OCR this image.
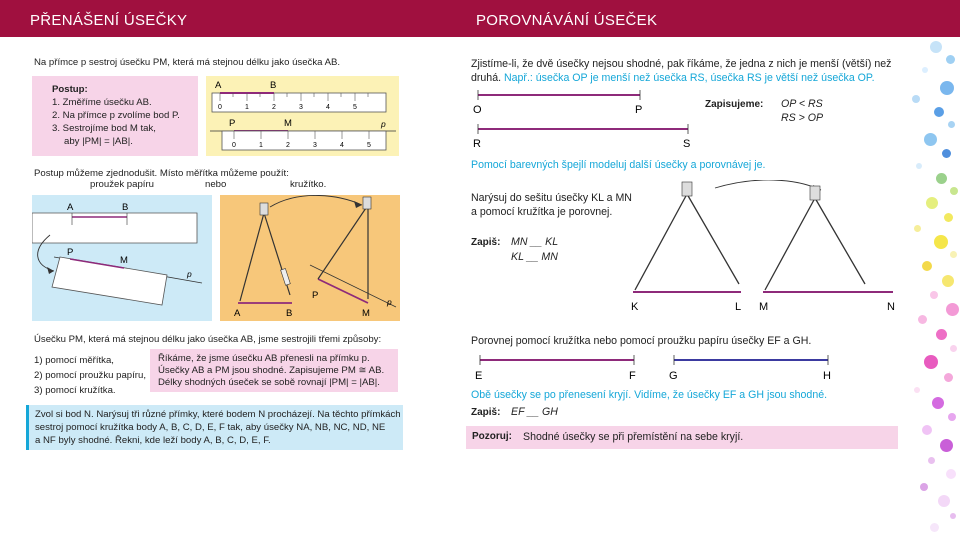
PŘENÁŠENÍ ÚSEČKY	POROVNÁVÁNÍ ÚSEČEK
Na přímce p sestroj úsečku PM, která má stejnou délku jako úsečka AB.
Postup:
1. Změříme úsečku AB.
2. Na přímce p zvolíme bod P.
3. Sestrojíme bod M tak,
aby |PM| = |AB|.
A	B
0	1	2	3	4	5
P	M	p
0	1	2	3	4	5
Postup můžeme zjednodušit. Místo měřítka můžeme použít:
proužek papíru	nebo	kružítko.
A	B
P
M
p
A	B
P
M
p
Úsečku PM, která má stejnou délku jako úsečka AB, jsme sestrojili třemi způsoby:
1) pomocí měřítka,
2) pomocí proužku papíru,
3) pomocí kružítka.
Říkáme, že jsme úsečku AB přenesli na přímku p.
Úsečky AB a PM jsou shodné. Zapisujeme PM ≅ AB.
Délky shodných úseček se sobě rovnají |PM| = |AB|.
Zvol si bod N. Narýsuj tři různé přímky, které bodem N procházejí. Na těchto přímkách
sestroj pomocí kružítka body A, B, C, D, E, F tak, aby úsečky NA, NB, NC, ND, NE
a NF byly shodné. Řekni, kde leží body A, B, C, D, E, F.
Zjistíme-li, že dvě úsečky nejsou shodné, pak říkáme, že jedna z nich je menší (větší) než
druhá. Např.: úsečka OP je menší než úsečka RS, úsečka RS je větší než úsečka OP.
O	P
R	S
Zapisujeme: OP < RS
RS > OP
Pomocí barevných špejlí modeluj další úsečky a porovnávej je.
Narýsuj do sešitu úsečky KL a MN
a pomocí kružítka je porovnej.
Zapiš: MN __ KL
KL __ MN
K	L M	N
Porovnej pomocí kružítka nebo pomocí proužku papíru úsečky EF a GH.
E	F	G	H
Obě úsečky se po přenesení kryjí. Vidíme, že úsečky EF a GH jsou shodné.
Zapiš: EF __ GH
Pozoruj: Shodné úsečky se při přemístění na sebe kryjí.
